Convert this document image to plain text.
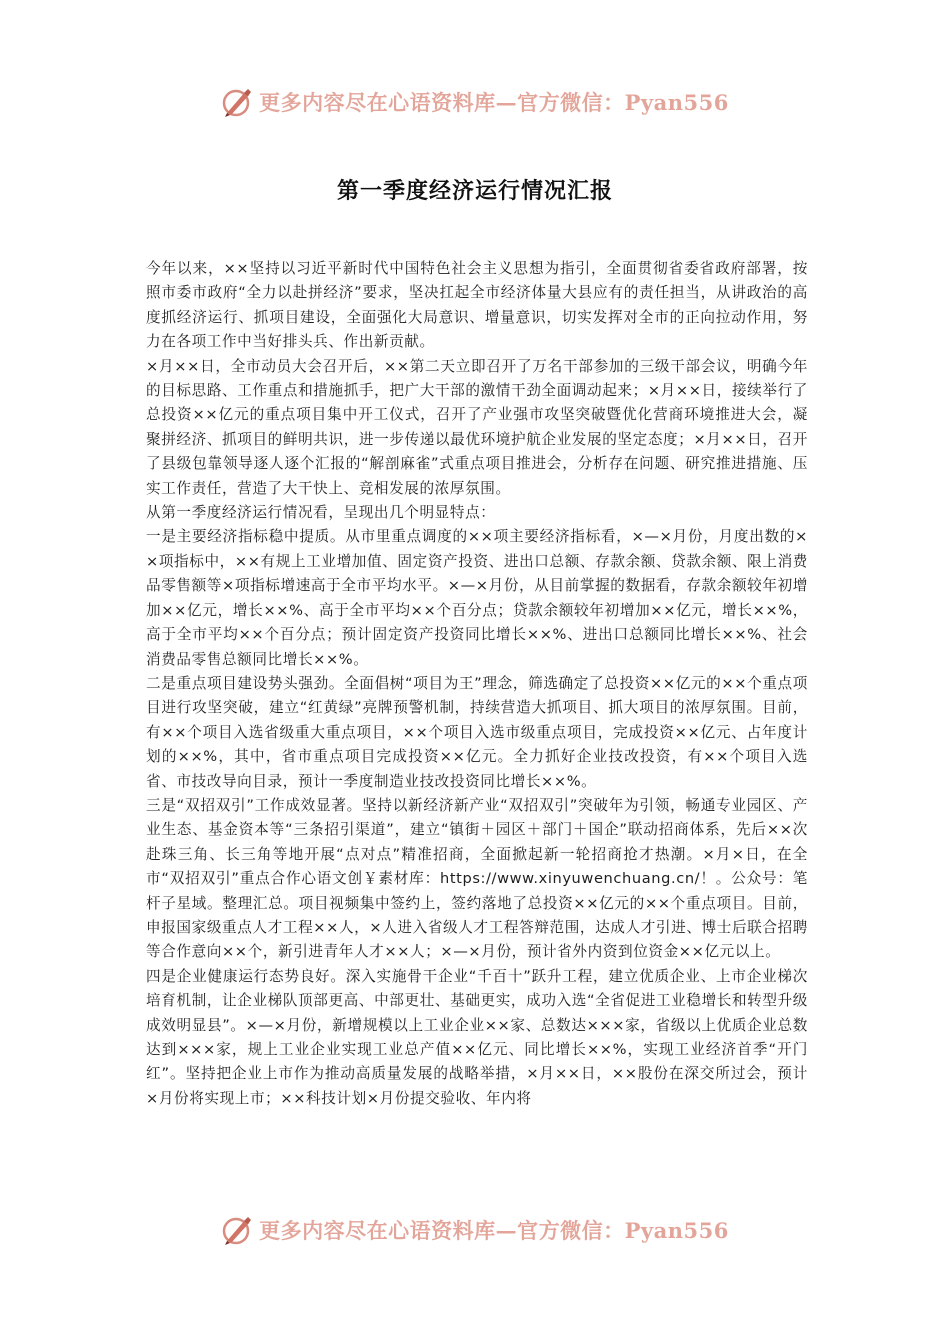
更多内容尽在心语资料库—官方微信：Pyan556
第一季度经济运行情况汇报

今年以来，××坚持以习近平新时代中国特色社会主义思想为指引，全面贯彻省委省政府部署，按照市委市政府“全力以赴拼经济”要求，坚决扛起全市经济体量大县应有的责任担当，从讲政治的高度抓经济运行、抓项目建设，全面强化大局意识、增量意识，切实发挥对全市的正向拉动作用，努力在各项工作中当好排头兵、作出新贡献。

×月××日，全市动员大会召开后，××第二天立即召开了万名干部参加的三级干部会议，明确今年的目标思路、工作重点和措施抓手，把广大干部的激情干劲全面调动起来；×月××日，接续举行了总投资××亿元的重点项目集中开工仪式，召开了产业强市攻坚突破暨优化营商环境推进大会，凝聚拼经济、抓项目的鲜明共识，进一步传递以最优环境护航企业发展的坚定态度；×月××日，召开了县级包靠领导逐人逐个汇报的“解剖麻雀”式重点项目推进会，分析存在问题、研究推进措施、压实工作责任，营造了大干快上、竞相发展的浓厚氛围。

从第一季度经济运行情况看，呈现出几个明显特点：

一是主要经济指标稳中提质。从市里重点调度的××项主要经济指标看，×—×月份，月度出数的××项指标中，××有规上工业增加值、固定资产投资、进出口总额、存款余额、贷款余额、限上消费品零售额等×项指标增速高于全市平均水平。×—×月份，从目前掌握的数据看，存款余额较年初增加××亿元，增长××%、高于全市平均××个百分点；贷款余额较年初增加××亿元，增长××%，高于全市平均××个百分点；预计固定资产投资同比增长××%、进出口总额同比增长××%、社会消费品零售总额同比增长××%。

二是重点项目建设势头强劲。全面倡树“项目为王”理念，筛选确定了总投资××亿元的××个重点项目进行攻坚突破，建立“红黄绿”亮牌预警机制，持续营造大抓项目、抓大项目的浓厚氛围。目前，有××个项目入选省级重大重点项目，××个项目入选市级重点项目，完成投资××亿元、占年度计划的××%，其中，省市重点项目完成投资××亿元。全力抓好企业技改投资，有××个项目入选省、市技改导向目录，预计一季度制造业技改投资同比增长××%。

三是“双招双引”工作成效显著。坚持以新经济新产业“双招双引”突破年为引领，畅通专业园区、产业生态、基金资本等“三条招引渠道”，建立“镇街＋园区＋部门＋国企”联动招商体系，先后××次赴珠三角、长三角等地开展“点对点”精准招商，全面掀起新一轮招商抢才热潮。×月×日，在全市“双招双引”重点合作心语文创￥素材库：https://www.xinyuwenchuang.cn/！。公众号：笔杆子星域。整理汇总。项目视频集中签约上，签约落地了总投资××亿元的××个重点项目。目前，申报国家级重点人才工程××人，×人进入省级人才工程答辩范围，达成人才引进、博士后联合招聘等合作意向××个，新引进青年人才××人；×—×月份，预计省外内资到位资金××亿元以上。

四是企业健康运行态势良好。深入实施骨干企业“千百十”跃升工程，建立优质企业、上市企业梯次培育机制，让企业梯队顶部更高、中部更壮、基础更实，成功入选“全省促进工业稳增长和转型升级成效明显县”。×—×月份，新增规模以上工业企业××家、总数达×××家，省级以上优质企业总数达到×××家，规上工业企业实现工业总产值××亿元、同比增长××%，实现工业经济首季“开门红”。坚持把企业上市作为推动高质量发展的战略举措，×月××日，××股份在深交所过会，预计×月份将实现上市；××科技计划×月份提交验收、年内将

更多内容尽在心语资料库—官方微信：Pyan556
